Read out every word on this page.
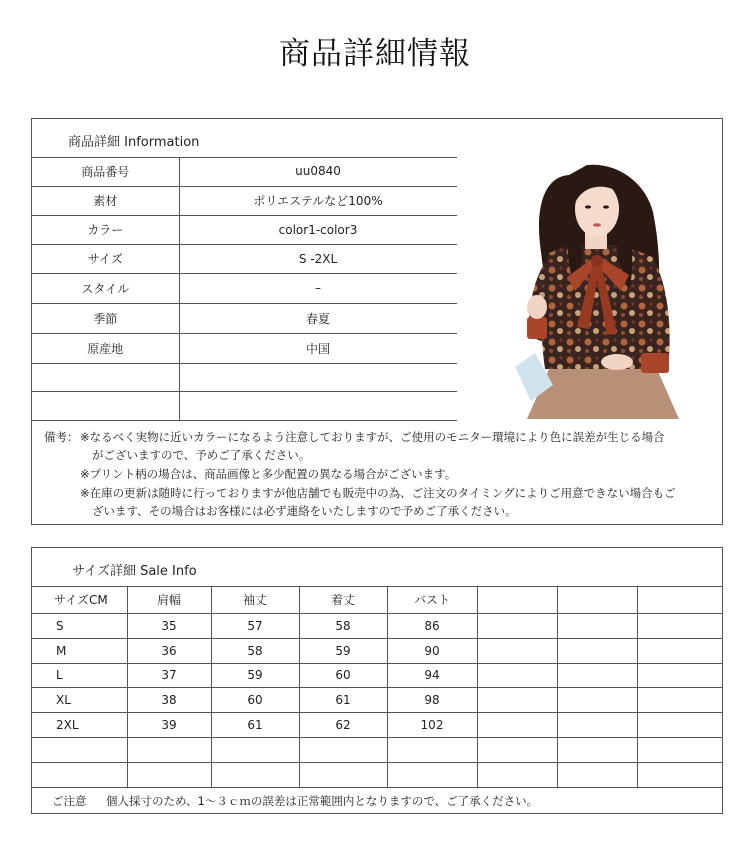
商品詳細情報
商品詳細 Information
商品番号	uu0840
素材	ポリエステルなど100%
カラー	color1-color3
サイズ	S -2XL
スタイル	–
季節	春夏
原産地	中国

備考： ※なるべく実物に近いカラーになるよう注意しておりますが、ご使用のモニター環境により色に誤差が生じる場合
がございますので、予めご了承ください。
※プリント柄の場合は、商品画像と多少配置の異なる場合がございます。
※在庫の更新は随時に行っておりますが他店舗でも販売中の為、ご注文のタイミングによりご用意できない場合もご
ざいます、その場合はお客様には必ず連絡をいたしますので予めご了承ください。
サイズ詳細 Sale Info
サイズCM	肩幅	袖丈	着丈	バスト			
S	35	57	58	86			
M	36	58	59	90			
L	37	59	60	94			
XL	38	60	61	98			
2XL	39	61	62	102			

ご注意 個人採寸のため、1～３ｃｍの誤差は正常範囲内となりますので、ご了承ください。
